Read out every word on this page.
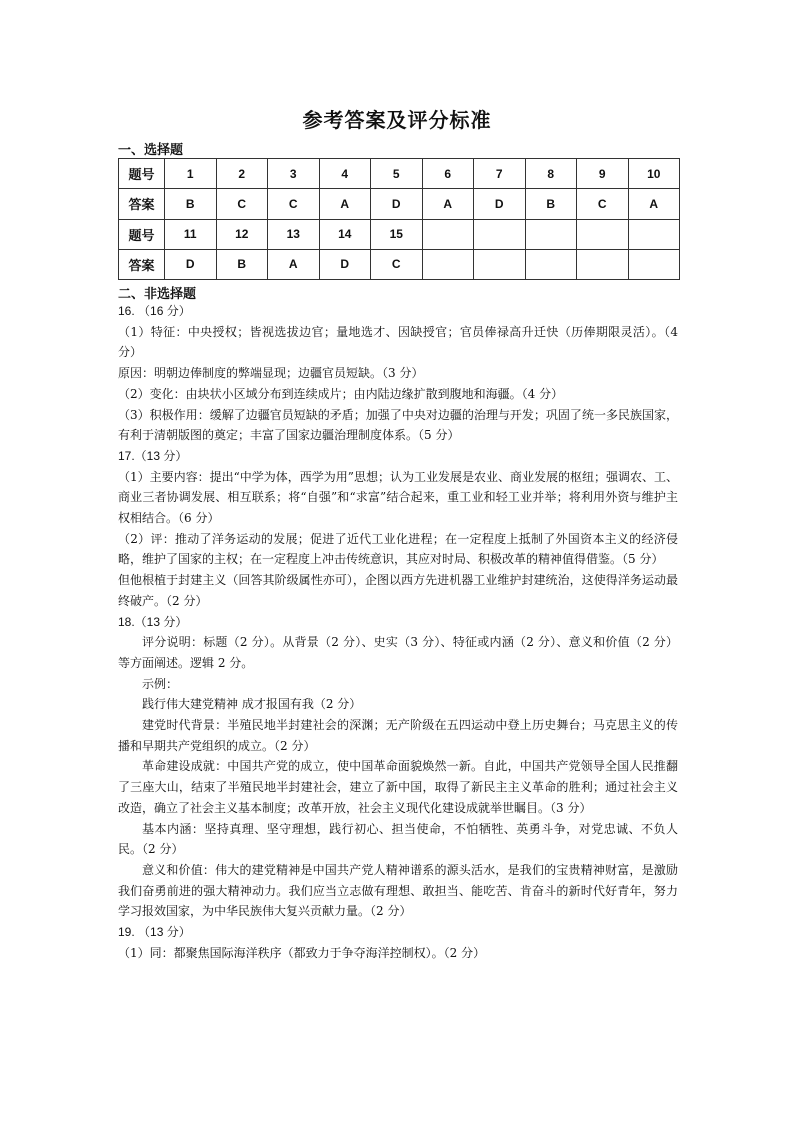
参考答案及评分标准
一、选择题
题号	1	2	3	4	5	6	7	8	9	10
答案	B	C	C	A	D	A	D	B	C	A
题号	11	12	13	14	15					
答案	D	B	A	D	C					
二、非选择题

16. （16 分）

（1）特征：中央授权；皆视选拔边官；量地选才、因缺授官；官员俸禄高升迁快（历俸期限灵活）。（4 分）

原因：明朝边俸制度的弊端显现；边疆官员短缺。（3 分）

（2）变化：由块状小区域分布到连续成片；由内陆边缘扩散到腹地和海疆。（4 分）

（3）积极作用：缓解了边疆官员短缺的矛盾；加强了中央对边疆的治理与开发；巩固了统一多民族国家，有利于清朝版图的奠定；丰富了国家边疆治理制度体系。（5 分）

17.（13 分）

（1）主要内容：提出“中学为体，西学为用”思想；认为工业发展是农业、商业发展的枢纽；强调农、工、商业三者协调发展、相互联系；将“自强”和“求富”结合起来，重工业和轻工业并举；将利用外资与维护主权相结合。（6 分）

（2）评：推动了洋务运动的发展；促进了近代工业化进程；在一定程度上抵制了外国资本主义的经济侵略，维护了国家的主权；在一定程度上冲击传统意识，其应对时局、积极改革的精神值得借鉴。（5 分）

但他根植于封建主义（回答其阶级属性亦可），企图以西方先进机器工业维护封建统治，这使得洋务运动最终破产。（2 分）

18.（13 分）

评分说明：标题（2 分）。从背景（2 分）、史实（3 分）、特征或内涵（2 分）、意义和价值（2 分）等方面阐述。逻辑 2 分。

示例：

践行伟大建党精神 成才报国有我（2 分）

建党时代背景：半殖民地半封建社会的深渊；无产阶级在五四运动中登上历史舞台；马克思主义的传播和早期共产党组织的成立。（2 分）

革命建设成就：中国共产党的成立，使中国革命面貌焕然一新。自此，中国共产党领导全国人民推翻了三座大山，结束了半殖民地半封建社会，建立了新中国，取得了新民主主义革命的胜利；通过社会主义改造，确立了社会主义基本制度；改革开放，社会主义现代化建设成就举世瞩目。（3 分）

基本内涵：坚持真理、坚守理想，践行初心、担当使命，不怕牺牲、英勇斗争，对党忠诚、不负人民。（2 分）

意义和价值：伟大的建党精神是中国共产党人精神谱系的源头活水，是我们的宝贵精神财富，是激励我们奋勇前进的强大精神动力。我们应当立志做有理想、敢担当、能吃苦、肯奋斗的新时代好青年，努力学习报效国家，为中华民族伟大复兴贡献力量。（2 分）

19. （13 分）

（1）同：都聚焦国际海洋秩序（都致力于争夺海洋控制权）。（2 分）
